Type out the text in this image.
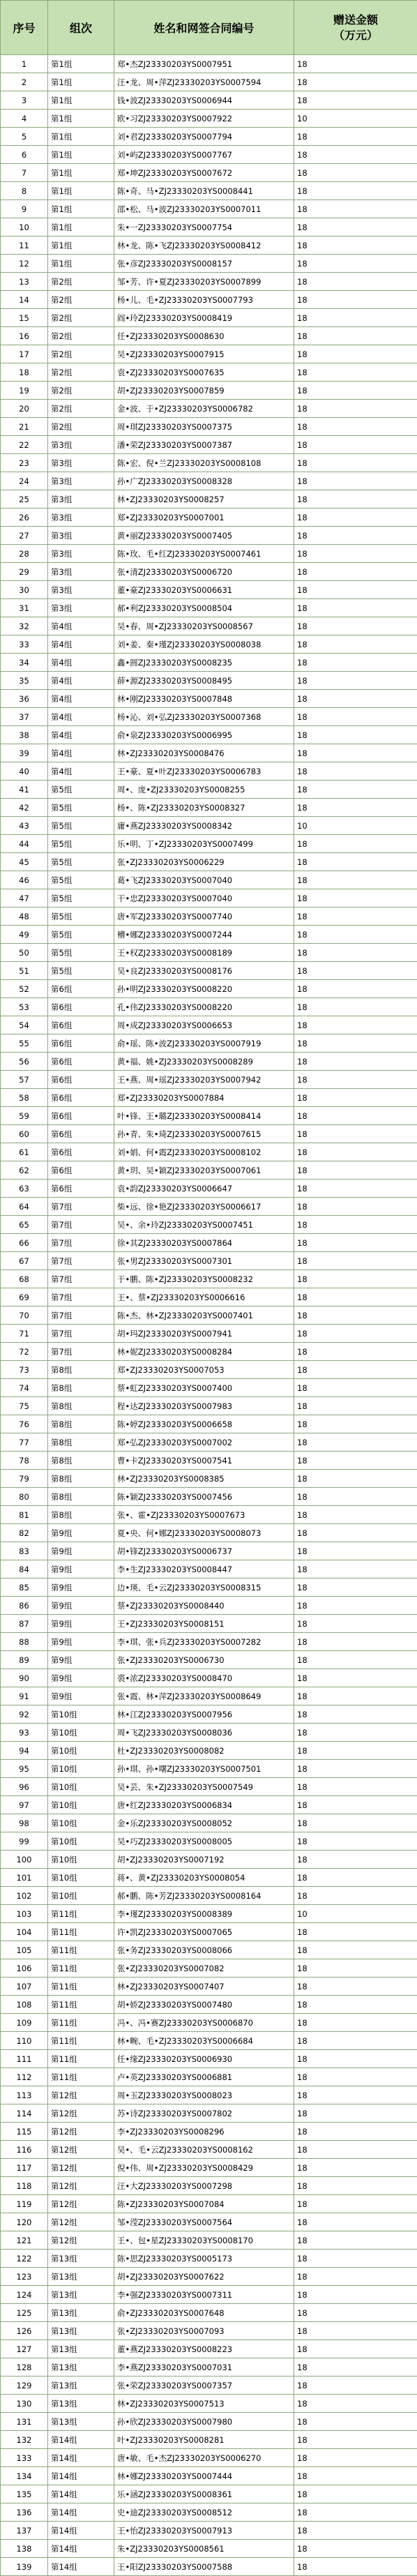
序号	组次	姓名和网签合同编号	赠送金额
（万元）

1	第1组	郑•杰ZJ23330203YS0007951	18
2	第1组	汪•龙、周•萍ZJ23330203YS0007594	18
3	第1组	钱•波ZJ23330203YS0006944	18
4	第1组	欧•习ZJ23330203YS0007922	10
5	第1组	刘•君ZJ23330203YS0007794	18
6	第1组	刘•屿ZJ23330203YS0007767	18
7	第1组	郑•坤ZJ23330203YS0007672	18
8	第1组	陈•奇、马•ZJ23330203YS0008441	18
9	第1组	邵•松、马•波ZJ23330203YS0007011	18
10	第1组	朱•一ZJ23330203YS0007754	18
11	第1组	林•龙、陈•飞ZJ23330203YS0008412	18
12	第1组	张•彦ZJ23330203YS0008157	18
13	第2组	邹•芳、许•夏ZJ23330203YS0007899	18
14	第2组	杨•儿、毛•ZJ23330203YS0007793	18
15	第2组	阎•玲ZJ23330203YS0008419	18
16	第2组	任•ZJ23330203YS0008630	18
17	第2组	吴•ZJ23330203YS0007915	18
18	第2组	袁•ZJ23330203YS0007635	18
19	第2组	胡•ZJ23330203YS0007859	18
20	第2组	金•波、于•ZJ23330203YS0006782	18
21	第2组	周•琪ZJ23330203YS0007375	18
22	第3组	潘•荣ZJ23330203YS0007387	18
23	第3组	陈•宏、倪•兰ZJ23330203YS0008108	18
24	第3组	孙•广ZJ23330203YS0008328	18
25	第3组	林•ZJ23330203YS0008257	18
26	第3组	郑•ZJ23330203YS0007001	18
27	第3组	黄•丽ZJ23330203YS0007405	18
28	第3组	陈•玫、毛•红ZJ23330203YS0007461	18
29	第3组	张•清ZJ23330203YS0006720	18
30	第3组	董•豪ZJ23330203YS0006631	18
31	第3组	郝•利ZJ23330203YS0008504	18
32	第4组	吴•春、周•ZJ23330203YS0008567	18
33	第4组	刘•姜、秦•瑾ZJ23330203YS0008038	18
34	第4组	鑫•圆ZJ23330203YS0008235	18
35	第4组	薛•源ZJ23330203YS0008495	18
36	第4组	林•刚ZJ23330203YS0007848	18
37	第4组	杨•沁、刘•弘ZJ23330203YS0007368	18
38	第4组	俞•泉ZJ23330203YS0006995	18
39	第4组	林•ZJ23330203YS0008476	18
40	第4组	王•豪、夏•叶ZJ23330203YS0006783	18
41	第5组	周•、庞•ZJ23330203YS0008255	18
42	第5组	杨•、陈•ZJ23330203YS0008327	18
43	第5组	庸•燕ZJ23330203YS0008342	10
44	第5组	乐•明、丁•ZJ23330203YS0007499	18
45	第5组	张•ZJ23330203YS0006229	18
46	第5组	葛•飞ZJ23330203YS0007040	18
47	第5组	干•忠ZJ23330203YS0007040	18
48	第5组	唐•军ZJ23330203YS0007740	18
49	第5组	槽•娜ZJ23330203YS0007244	18
50	第5组	王•权ZJ23330203YS0008189	18
51	第5组	吴•良ZJ23330203YS0008176	18
52	第6组	孙•明ZJ23330203YS0008220	18
53	第6组	孔•伟ZJ23330203YS0008220	18
54	第6组	周•成ZJ23330203YS0006653	18
55	第6组	俞•瑶、陈•波ZJ23330203YS0007919	18
56	第6组	黄•福、姚•ZJ23330203YS0008289	18
57	第6组	王•燕、周•瑶ZJ23330203YS0007942	18
58	第6组	郑•ZJ23330203YS0007884	18
59	第6组	叶•锋、王•璐ZJ23330203YS0008414	18
60	第6组	孙•青、朱•琦ZJ23330203YS0007615	18
61	第6组	刘•娟、何•霞ZJ23330203YS0008102	18
62	第6组	黄•玥、吴•颖ZJ23330203YS0007061	18
63	第6组	袁•韵ZJ23330203YS0006647	18
64	第7组	柴•远、徐•艳ZJ23330203YS0006617	18
65	第7组	吴•、余•玲ZJ23330203YS0007451	18
66	第7组	徐•其ZJ23330203YS0007864	18
67	第7组	张•男ZJ23330203YS0007301	18
68	第7组	于•鹏、陈•ZJ23330203YS0008232	18
69	第7组	王•、蔡•ZJ23330203YS0006616	18
70	第7组	陈•杰、林•ZJ23330203YS0007401	18
71	第7组	胡•玛ZJ23330203YS0007941	18
72	第7组	林•妮ZJ23330203YS0008284	18
73	第8组	郑•ZJ23330203YS0007053	18
74	第8组	蔡•虹ZJ23330203YS0007400	18
75	第8组	程•达ZJ23330203YS0007983	18
76	第8组	陈•婷ZJ23330203YS0006658	18
77	第8组	郑•弘ZJ23330203YS0007002	18
78	第8组	曹•卡ZJ23330203YS0007541	18
79	第8组	林•ZJ23330203YS0008385	18
80	第8组	陈•颖ZJ23330203YS0007456	18
81	第8组	张•、霍•ZJ23330203YS0007673	18
82	第9组	夏•央、何•娜ZJ23330203YS0008073	18
83	第9组	胡•锋ZJ23330203YS0006737	18
84	第9组	李•生ZJ23330203YS0008447	18
85	第9组	边•瑛、毛•云ZJ23330203YS0008315	18
86	第9组	蔡•ZJ23330203YS0008440	18
87	第9组	王•ZJ23330203YS0008151	18
88	第9组	李•琪、张•兵ZJ23330203YS0007282	18
89	第9组	张•ZJ23330203YS0006730	18
90	第9组	裘•浓ZJ23330203YS0008470	18
91	第9组	张•霞、林•萍ZJ23330203YS0008649	18
92	第10组	林•江ZJ23330203YS0007956	18
93	第10组	周•飞ZJ23330203YS0008036	18
94	第10组	杜•ZJ23330203YS0008082	18
95	第10组	孙•琪、孙•曙ZJ23330203YS0007501	18
96	第10组	吴•芸、朱•ZJ23330203YS0007549	18
97	第10组	唐•红ZJ23330203YS0006834	18
98	第10组	金•乐ZJ23330203YS0008052	18
99	第10组	吴•巧ZJ23330203YS0008005	18
100	第10组	胡•ZJ23330203YS0007192	18
101	第10组	蒋•、黄•ZJ23330203YS0008054	18
102	第10组	郝•鹏、陈•芳ZJ23330203YS0008164	18
103	第11组	李•瑾ZJ23330203YS0008389	10
104	第11组	许•凯ZJ23330203YS0007065	18
105	第11组	张•务ZJ23330203YS0008066	18
106	第11组	张•ZJ23330203YS0007082	18
107	第11组	林•ZJ23330203YS0007407	18
108	第11组	胡•娇ZJ23330203YS0007480	18
109	第11组	冯•、冯•赛ZJ23330203YS0006870	18
110	第11组	林•畹、毛•ZJ23330203YS0006684	18
111	第11组	任•缘ZJ23330203YS0006930	18
112	第11组	卢•英ZJ23330203YS0006881	18
113	第12组	周•玉ZJ23330203YS0008023	18
114	第12组	苏•诗ZJ23330203YS0007802	18
115	第12组	李•ZJ23330203YS0008296	18
116	第12组	吴•、毛•云ZJ23330203YS0008162	18
117	第12组	倪•伟、周•ZJ23330203YS0008429	18
118	第12组	汪•大ZJ23330203YS0007298	18
119	第12组	陈•ZJ23330203YS0007084	18
120	第12组	邹•滢ZJ23330203YS0007564	18
121	第12组	王•、包•星ZJ23330203YS0008170	18
122	第13组	陈•思ZJ23330203YS0005173	18
123	第13组	胡•ZJ23330203YS0007622	18
124	第13组	李•强ZJ23330203YS0007311	18
125	第13组	俞•ZJ23330203YS0007648	18
126	第13组	张•ZJ23330203YS0007093	18
127	第13组	董•燕ZJ23330203YS0008223	18
128	第13组	李•燕ZJ23330203YS0007031	18
129	第13组	张•荣ZJ23330203YS0007357	18
130	第13组	林•ZJ23330203YS0007513	18
131	第13组	孙•欣ZJ23330203YS0007980	18
132	第14组	叶•ZJ23330203YS0008281	18
133	第14组	唐•敏、毛•杰ZJ23330203YS0006270	18
134	第14组	林•娜ZJ23330203YS0007444	18
135	第14组	乐•涵ZJ23330203YS0008361	18
136	第14组	史•迪ZJ23330203YS0008512	18
137	第14组	王•怡ZJ23330203YS0007913	18
138	第14组	朱•ZJ23330203YS0008561	18
139	第14组	王•阳ZJ23330203YS0007588	18
